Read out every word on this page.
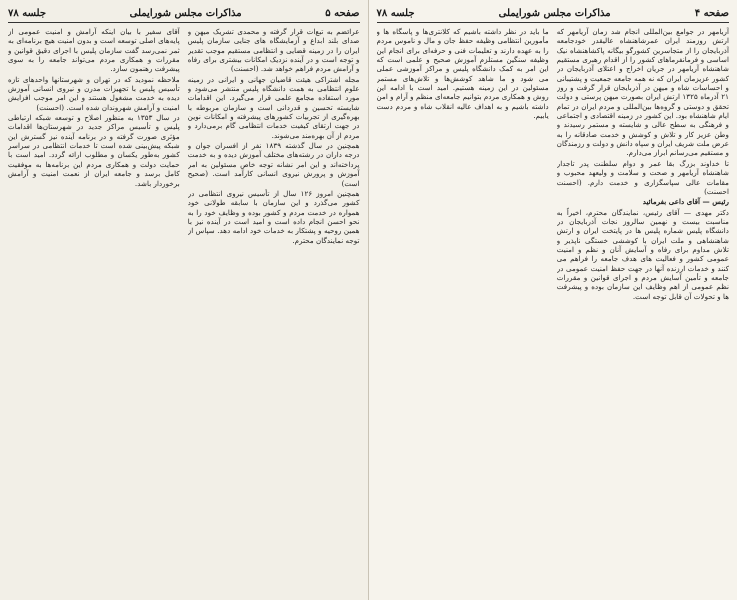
صفحه ۵
مذاکرات مجلس شورایملی
جلسه ۷۸

عرائضم به تبع‌ات قرار گرفته و محمدی تشریک میهن و صدای بلند ابداع و آزمایشگاه های جنایی سازمان پلیس ایران را در زمینه قضایی و انتظامی مستقیم موجب تقدیر و توجه است و در آینده نزدیک امکانات بیشتری برای رفاه و آرامش مردم فراهم خواهد شد. (احسنت)

مجله اشتراکی هیئت قاضیان جهانی و ایرانی در زمینه علوم انتظامی به همت دانشگاه پلیس منتشر می‌شود و مورد استفاده مجامع علمی قرار می‌گیرد. این اقدامات شایسته تحسین و قدردانی است و سازمان مربوطه با بهره‌گیری از تجربیات کشورهای پیشرفته و امکانات نوین در جهت ارتقای کیفیت خدمات انتظامی گام برمی‌دارد و مردم از آن بهره‌مند می‌شوند.

همچنین در سال گذشته ۱۸۳۹ نفر از افسران جوان و درجه داران در رشته‌های مختلف آموزش دیده و به خدمت پرداخته‌اند و این امر نشانه توجه خاص مسئولین به امر آموزش و پرورش نیروی انسانی کارآمد است. (صحیح است)

همچنین امروز ۱۲۶ سال از تأسیس نیروی انتظامی در کشور می‌گذرد و این سازمان با سابقه طولانی خود همواره در خدمت مردم و کشور بوده و وظایف خود را به نحو احسن انجام داده است و امید است در آینده نیز با همین روحیه و پشتکار به خدمات خود ادامه دهد. سپاس از توجه نمایندگان محترم.

آقای سفیر با بیان اینکه آرامش و امنیت عمومی از پایه‌های اصلی توسعه است و بدون امنیت هیچ برنامه‌ای به ثمر نمی‌رسد گفت سازمان پلیس با اجرای دقیق قوانین و مقررات و همکاری مردم می‌تواند جامعه را به سوی پیشرفت رهنمون سازد.

ملاحظه نمودید که در تهران و شهرستانها واحدهای تازه تأسیس پلیس با تجهیزات مدرن و نیروی انسانی آموزش دیده به خدمت مشغول هستند و این امر موجب افزایش امنیت و آرامش شهروندان شده است. (احسنت)

در سال ۱۳۵۳ به منظور اصلاح و توسعه شبکه ارتباطی پلیس و تأسیس مراکز جدید در شهرستان‌ها اقدامات مؤثری صورت گرفته و در برنامه آینده نیز گسترش این شبکه پیش‌بینی شده است تا خدمات انتظامی در سراسر کشور به‌طور یکسان و مطلوب ارائه گردد. امید است با حمایت دولت و همکاری مردم این برنامه‌ها به موفقیت کامل برسد و جامعه ایران از نعمت امنیت و آرامش برخوردار باشد.

صفحه ۴
مذاکرات مجلس شورایملی
جلسه ۷۸

آریامهر در جوامع بین‌المللی انجام شد زمان آریامهر که ارتش روزمند ایران عمرشاهنشاه عالیقدر خودجامعه آذربایجان را از متجاسرین کشورگو بیگانه پاکشاهنشاه نیک اساسی و فرمانفرماهای کشور را از اقدام رهبری مستقیم شاهنشاه آریامهر در جریان اخراج و اعتلای آذربایجان در کشور عزیزمان ایران که نه همه جامعه جمعیت و پشتیبانی و احساسات شاه و میهن در آذربایجان قرار گرفت و روز ۲۱ آذرماه ۱۳۲۵ ارتش ایران بصورت میهن پرستی و دولت تحقق و دوستی و گروه‌ها بین‌المللی و مردم ایران در تمام ایام شاهنشاه بود. این کشور در زمینه اقتصادی و اجتماعی و فرهنگی به سطح عالی و شایسته و مستمر رسیدند و وطن عزیز کار و تلاش و کوشش و خدمت صادقانه را به عرض ملت شریف ایران و سپاه دانش و دولت و رزمندگان و مستقیم می‌رسانم ابراز می‌دارم.

تا خداوند بزرگ بقا عمر و دوام سلطنت پدر تاجدار شاهنشاه آریامهر و صحت و سلامت و ولیعهد محبوب و مقامات عالی سپاسگزاری و خدمت دارم. (احسنت احسنت)

رئیس — آقای داعی بفرمائید

دکتر مهدی — آقای رئیس، نمایندگان محترم، اخیراً به مناسبت بیست و نهمین سالروز نجات آذربایجان در دانشگاه پلیس شماره پلیس ‌ها در پایتخت ایران و ارتش شاهنشاهی و ملت ایران با کوششی خستگی ناپذیر و تلاش مداوم برای رفاه و آسایش آنان و نظم و امنیت عمومی کشور و فعالیت های هدف جامعه را فراهم می کنند و خدمات ارزنده آنها در جهت حفظ امنیت عمومی در جامعه و تأمین آسایش مردم و اجرای قوانین و مقررات نظم عمومی از اهم وظایف این سازمان بوده و پیشرفت ها و تحولات آن قابل توجه است.

ما باید در نظر داشته باشیم که کلانتری‌ها و پاسگاه ها و مأمورین انتظامی وظیفه حفظ جان و مال و ناموس مردم را به عهده دارند و تعلیمات فنی و حرفه‌ای برای انجام این وظیفه سنگین مستلزم آموزش صحیح و علمی است که این امر به کمک دانشگاه پلیس و مراکز آموزشی عملی می شود و ما شاهد کوشش‌ها و تلاش‌های مستمر مسئولین در این زمینه هستیم. امید است با ادامه این روش و همکاری مردم بتوانیم جامعه‌ای منظم و آرام و امن داشته باشیم و به اهداف عالیه انقلاب شاه و مردم دست یابیم.
